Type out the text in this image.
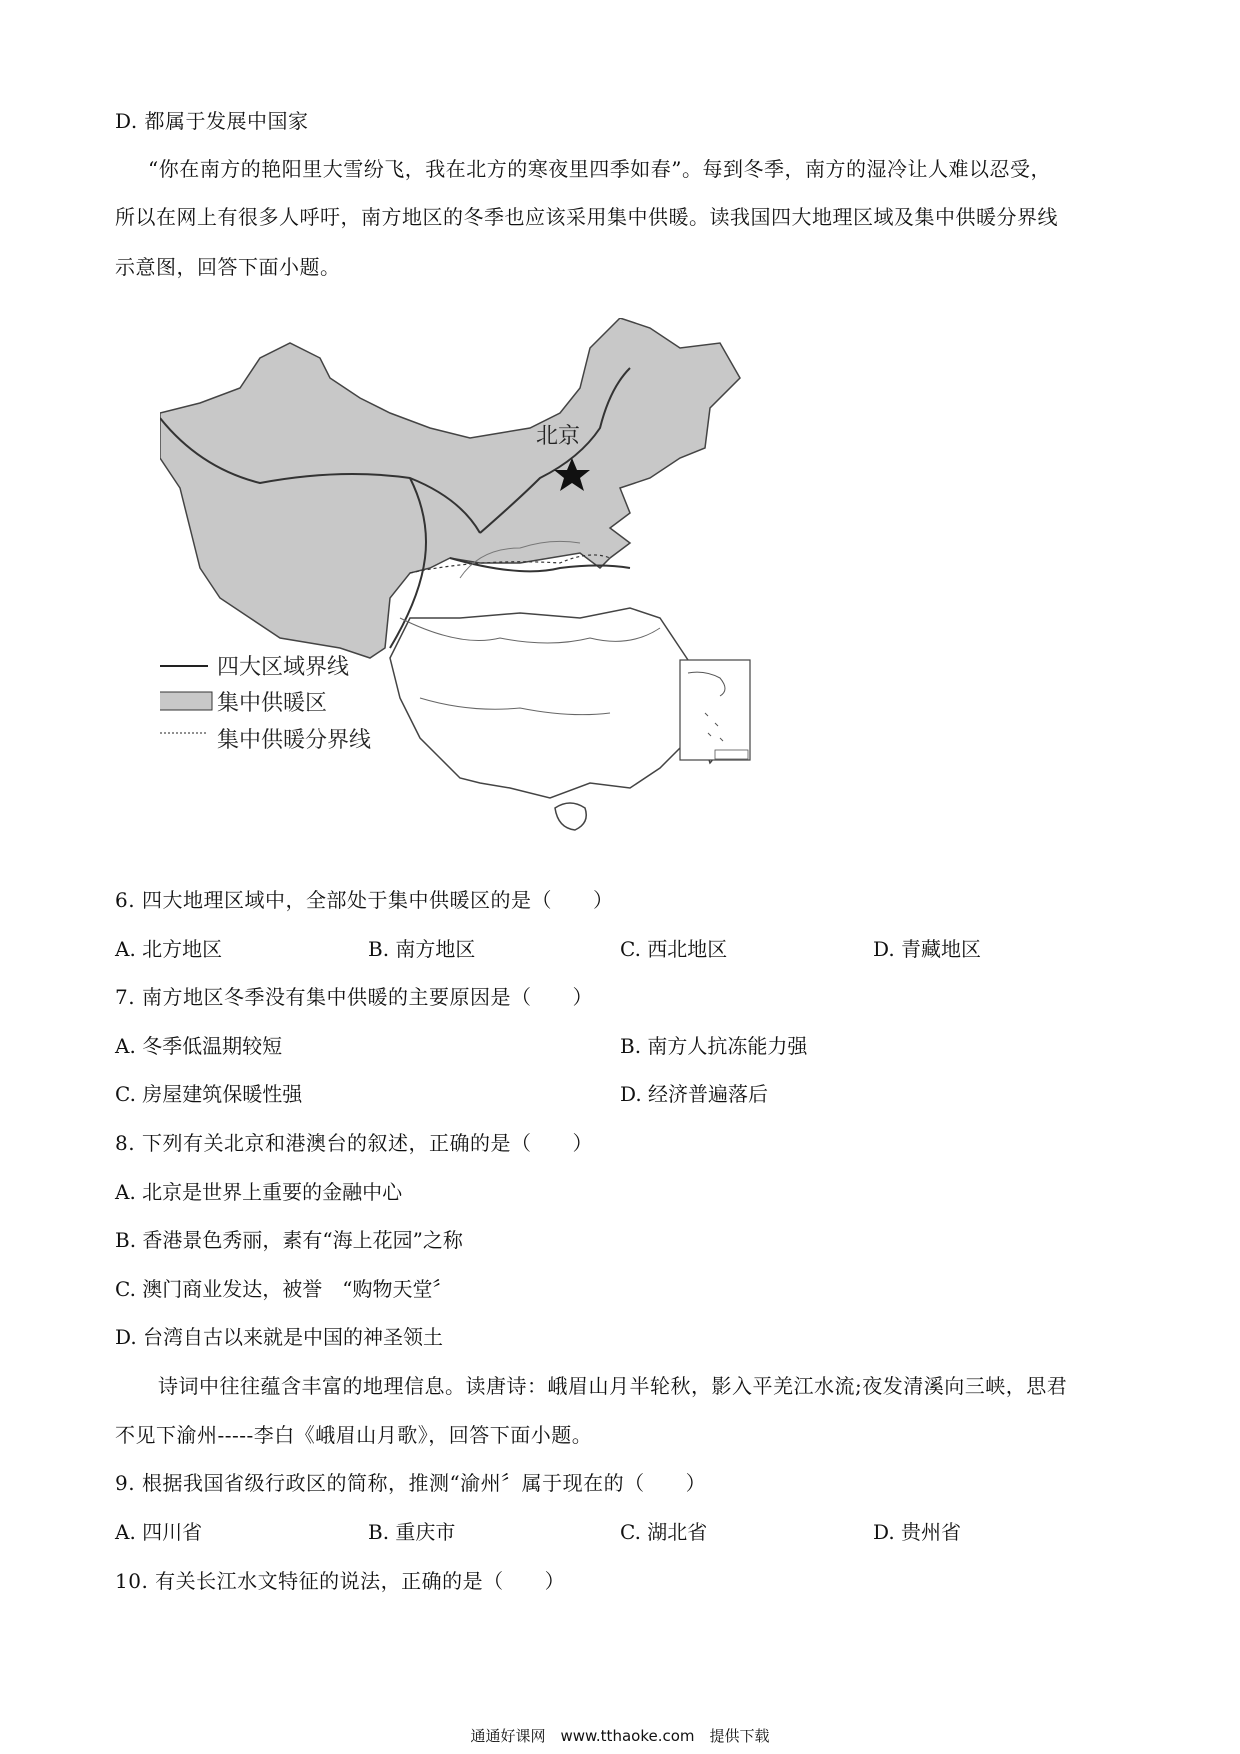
D. 都属于发展中国家
“你在南方的艳阳里大雪纷飞，我在北方的寒夜里四季如春”。每到冬季，南方的湿冷让人难以忍受，
所以在网上有很多人呼吁，南方地区的冬季也应该采用集中供暖。读我国四大地理区域及集中供暖分界线
示意图，回答下面小题。
北京
四大区域界线
集中供暖区
集中供暖分界线
6. 四大地理区域中，全部处于集中供暖区的是（　　）
A. 北方地区	B. 南方地区	C. 西北地区	D. 青藏地区
7. 南方地区冬季没有集中供暖的主要原因是（　　）
A. 冬季低温期较短	B. 南方人抗冻能力强
C. 房屋建筑保暖性强	D. 经济普遍落后
8. 下列有关北京和港澳台的叙述，正确的是（　　）
A. 北京是世界上重要的金融中心
B. 香港景色秀丽，素有“海上花园”之称
C. 澳门商业发达，被誉　“购物天堂〞
D. 台湾自古以来就是中国的神圣领土
诗词中往往蕴含丰富的地理信息。读唐诗：峨眉山月半轮秋，影入平羌江水流;夜发清溪向三峡，思君
不见下渝州-----李白《峨眉山月歌》，回答下面小题。
9. 根据我国省级行政区的简称，推测“渝州〞属于现在的（　　）
A. 四川省	B. 重庆市	C. 湖北省	D. 贵州省
10. 有关长江水文特征的说法，正确的是（　　）
通通好课网　www.tthaoke.com　提供下载
